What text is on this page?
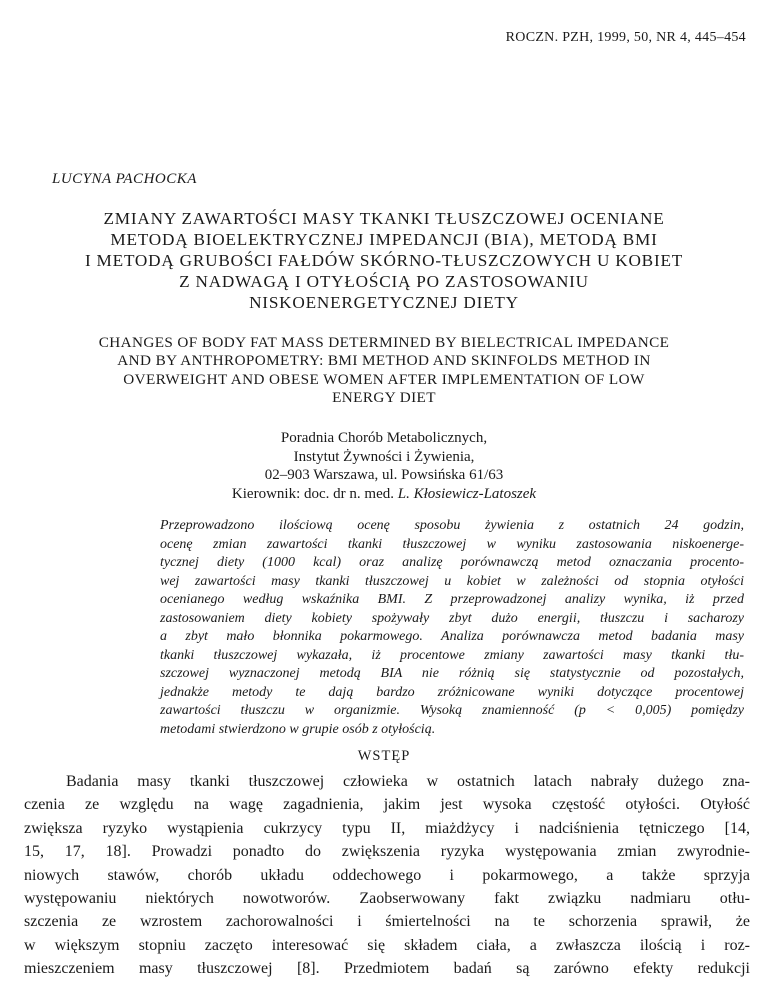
ROCZN. PZH, 1999, 50, NR 4, 445–454
LUCYNA PACHOCKA
ZMIANY ZAWARTOŚCI MASY TKANKI TŁUSZCZOWEJ OCENIANE
METODĄ BIOELEKTRYCZNEJ IMPEDANCJI (BIA), METODĄ BMI
I METODĄ GRUBOŚCI FAŁDÓW SKÓRNO-TŁUSZCZOWYCH U KOBIET
Z NADWAGĄ I OTYŁOŚCIĄ PO ZASTOSOWANIU
NISKOENERGETYCZNEJ DIETY
CHANGES OF BODY FAT MASS DETERMINED BY BIELECTRICAL IMPEDANCE
AND BY ANTHROPOMETRY: BMI METHOD AND SKINFOLDS METHOD IN
OVERWEIGHT AND OBESE WOMEN AFTER IMPLEMENTATION OF LOW
ENERGY DIET
Poradnia Chorób Metabolicznych,
Instytut Żywności i Żywienia,
02–903 Warszawa, ul. Powsińska 61/63
Kierownik: doc. dr n. med. L. Kłosiewicz-Latoszek
Przeprowadzono ilościową ocenę sposobu żywienia z ostatnich 24 godzin,
ocenę zmian zawartości tkanki tłuszczowej w wyniku zastosowania niskoenerge-
tycznej diety (1000 kcal) oraz analizę porównawczą metod oznaczania procento-
wej zawartości masy tkanki tłuszczowej u kobiet w zależności od stopnia otyłości
ocenianego według wskaźnika BMI. Z przeprowadzonej analizy wynika, iż przed
zastosowaniem diety kobiety spożywały zbyt dużo energii, tłuszczu i sacharozy
a zbyt mało błonnika pokarmowego. Analiza porównawcza metod badania masy
tkanki tłuszczowej wykazała, iż procentowe zmiany zawartości masy tkanki tłu-
szczowej wyznaczonej metodą BIA nie różnią się statystycznie od pozostałych,
jednakże metody te dają bardzo zróżnicowane wyniki dotyczące procentowej
zawartości tłuszczu w organizmie. Wysoką znamienność (p < 0,005) pomiędzy
metodami stwierdzono w grupie osób z otyłością.
WSTĘP
Badania masy tkanki tłuszczowej człowieka w ostatnich latach nabrały dużego zna-
czenia ze względu na wagę zagadnienia, jakim jest wysoka częstość otyłości. Otyłość
zwiększa ryzyko wystąpienia cukrzycy typu II, miażdżycy i nadciśnienia tętniczego [14,
15, 17, 18]. Prowadzi ponadto do zwiększenia ryzyka występowania zmian zwyrodnie-
niowych stawów, chorób układu oddechowego i pokarmowego, a także sprzyja
występowaniu niektórych nowotworów. Zaobserwowany fakt związku nadmiaru otłu-
szczenia ze wzrostem zachorowalności i śmiertelności na te schorzenia sprawił, że
w większym stopniu zaczęto interesować się składem ciała, a zwłaszcza ilością i roz-
mieszczeniem masy tłuszczowej [8]. Przedmiotem badań są zarówno efekty redukcji
